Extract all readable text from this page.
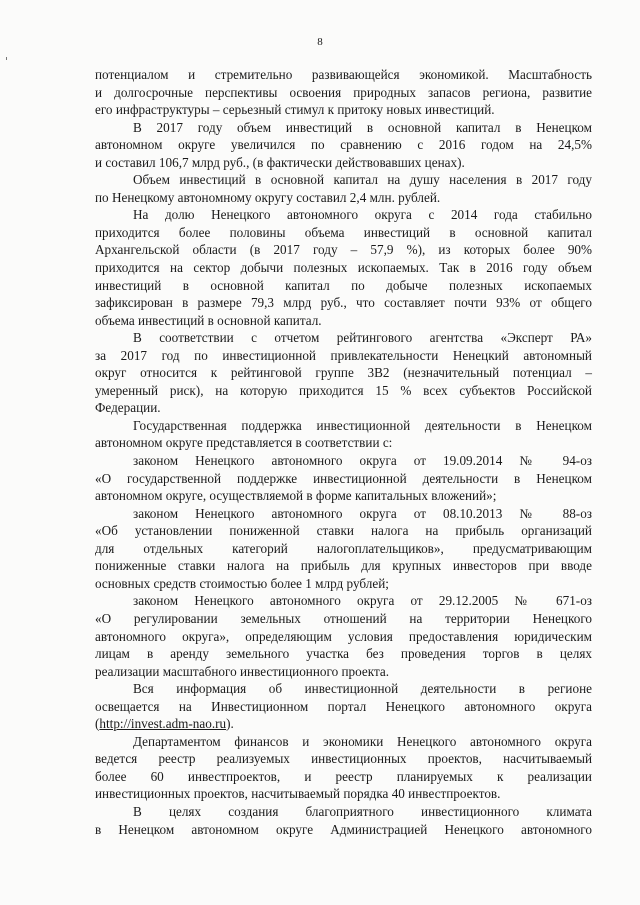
8

потенциалом и стремительно развивающейся экономикой. Масштабность

и долгосрочные перспективы освоения природных запасов региона, развитие

его инфраструктуры – серьезный стимул к притоку новых инвестиций.

В 2017 году объем инвестиций в основной капитал в Ненецком

автономном округе увеличился по сравнению с 2016 годом на 24,5%

и составил 106,7 млрд руб., (в фактически действовавших ценах).

Объем инвестиций в основной капитал на душу населения в 2017 году

по Ненецкому автономному округу составил 2,4 млн. рублей.

На долю Ненецкого автономного округа с 2014 года стабильно

приходится более половины объема инвестиций в основной капитал

Архангельской области (в 2017 году – 57,9 %), из которых более 90%

приходится на сектор добычи полезных ископаемых. Так в 2016 году объем

инвестиций в основной капитал по добыче полезных ископаемых

зафиксирован в размере 79,3 млрд руб., что составляет почти 93% от общего

объема инвестиций в основной капитал.

В соответствии с отчетом рейтингового агентства «Эксперт РА»

за 2017 год по инвестиционной привлекательности Ненецкий автономный

округ относится к рейтинговой группе 3В2 (незначительный потенциал –

умеренный риск), на которую приходится 15 % всех субъектов Российской

Федерации.

Государственная поддержка инвестиционной деятельности в Ненецком

автономном округе представляется в соответствии с:

законом Ненецкого автономного округа от 19.09.2014 № 94-оз

«О государственной поддержке инвестиционной деятельности в Ненецком

автономном округе, осуществляемой в форме капитальных вложений»;

законом Ненецкого автономного округа от 08.10.2013 № 88-оз

«Об установлении пониженной ставки налога на прибыль организаций

для отдельных категорий налогоплательщиков», предусматривающим

пониженные ставки налога на прибыль для крупных инвесторов при вводе

основных средств стоимостью более 1 млрд рублей;

законом Ненецкого автономного округа от 29.12.2005 № 671-оз

«О регулировании земельных отношений на территории Ненецкого

автономного округа», определяющим условия предоставления юридическим

лицам в аренду земельного участка без проведения торгов в целях

реализации масштабного инвестиционного проекта.

Вся информация об инвестиционной деятельности в регионе

освещается на Инвестиционном портал Ненецкого автономного округа

(http://invest.adm-nao.ru).

Департаментом финансов и экономики Ненецкого автономного округа

ведется реестр реализуемых инвестиционных проектов, насчитываемый

более 60 инвестпроектов, и реестр планируемых к реализации

инвестиционных проектов, насчитываемый порядка 40 инвестпроектов.

В целях создания благоприятного инвестиционного климата

в Ненецком автономном округе Администрацией Ненецкого автономного
